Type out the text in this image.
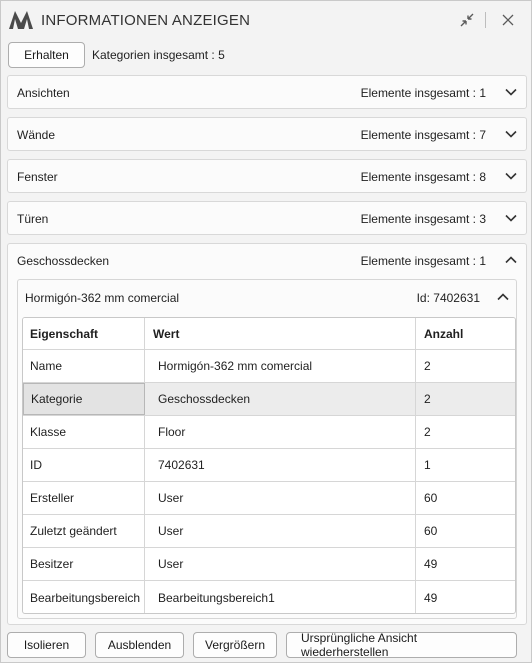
INFORMATIONEN ANZEIGEN
Erhalten	Kategorien insgesamt : 5
Ansichten	Elemente insgesamt : 1
Wände	Elemente insgesamt : 7
Fenster	Elemente insgesamt : 8
Türen	Elemente insgesamt : 3
Geschossdecken	Elemente insgesamt : 1
Hormigón-362 mm comercial	Id: 7402631
Eigenschaft	Wert	Anzahl
Name	Hormigón-362 mm comercial	2
Kategorie	Geschossdecken	2
Klasse	Floor	2
ID	7402631	1
Ersteller	User	60
Zuletzt geändert	User	60
Besitzer	User	49
Bearbeitungsbereich	Bearbeitungsbereich1	49
Isolieren	Ausblenden	Vergrößern	Ursprüngliche Ansicht wiederherstellen
